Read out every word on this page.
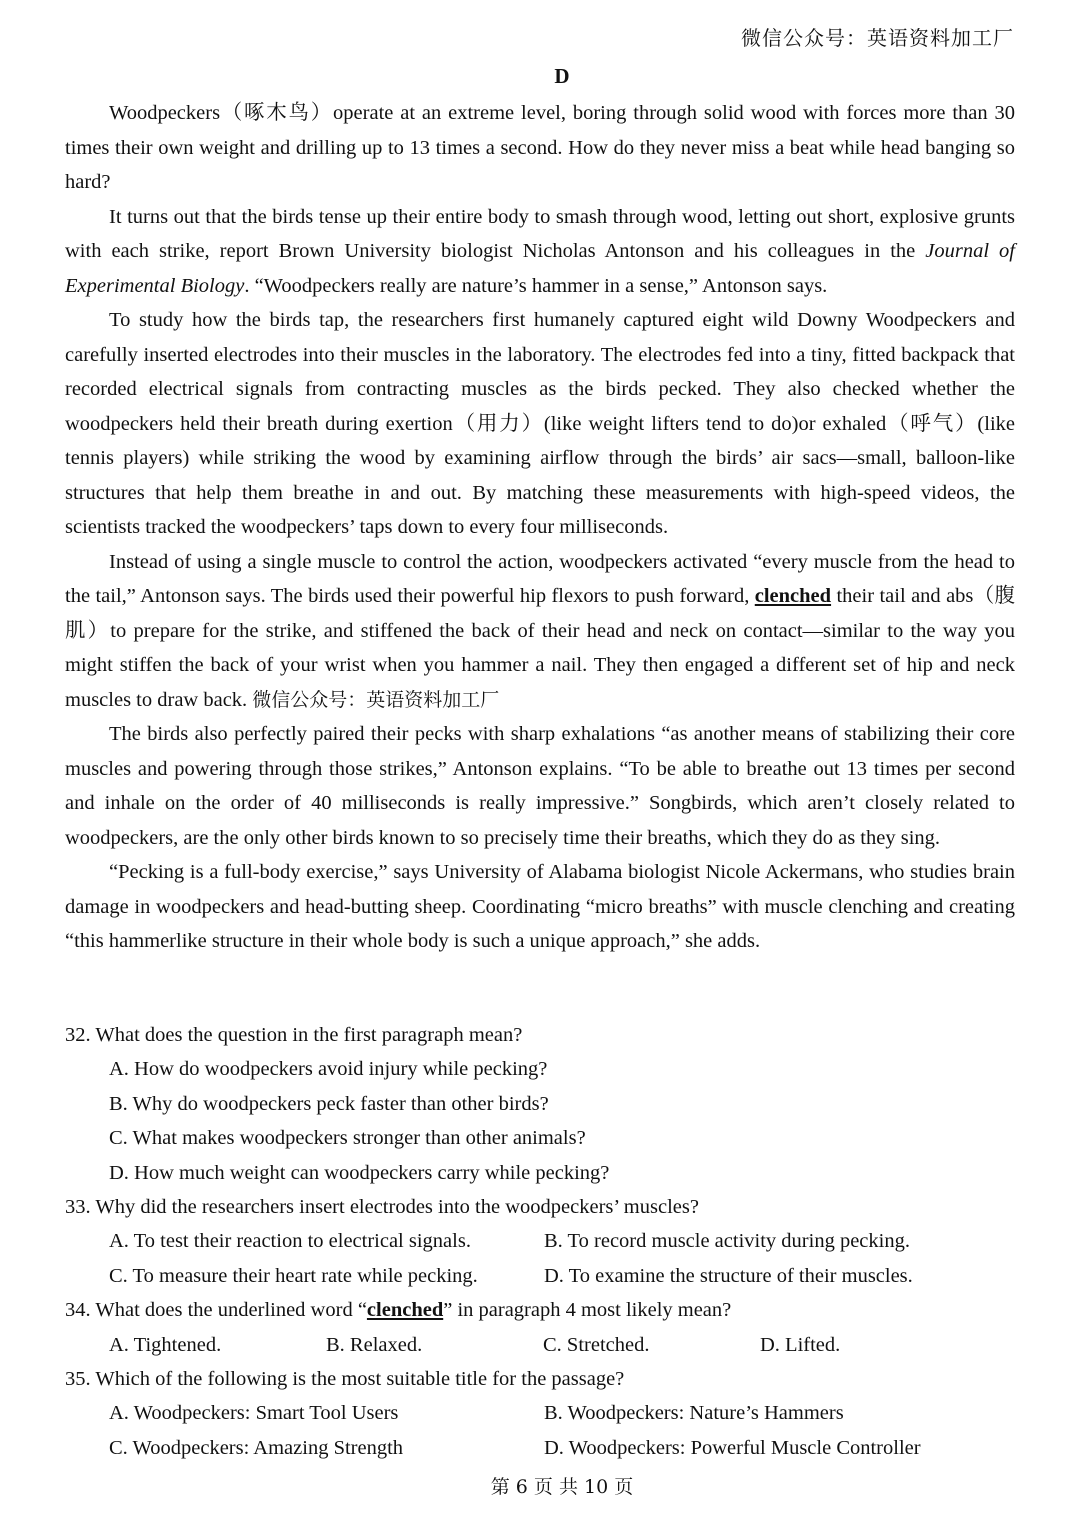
微信公众号：英语资料加工厂
D

Woodpeckers（啄木鸟）operate at an extreme level, boring through solid wood with forces more than 30 times their own weight and drilling up to 13 times a second. How do they never miss a beat while head banging so hard?

It turns out that the birds tense up their entire body to smash through wood, letting out short, explosive grunts with each strike, report Brown University biologist Nicholas Antonson and his colleagues in the Journal of Experimental Biology. “Woodpeckers really are nature’s hammer in a sense,” Antonson says.

To study how the birds tap, the researchers first humanely captured eight wild Downy Woodpeckers and carefully inserted electrodes into their muscles in the laboratory. The electrodes fed into a tiny, fitted backpack that recorded electrical signals from contracting muscles as the birds pecked. They also checked whether the woodpeckers held their breath during exertion（用力）(like weight lifters tend to do)or exhaled（呼气）(like tennis players) while striking the wood by examining airflow through the birds’ air sacs—small, balloon-like structures that help them breathe in and out. By matching these measurements with high-speed videos, the scientists tracked the woodpeckers’ taps down to every four milliseconds.

Instead of using a single muscle to control the action, woodpeckers activated “every muscle from the head to the tail,” Antonson says. The birds used their powerful hip flexors to push forward, clenched their tail and abs（腹肌）to prepare for the strike, and stiffened the back of their head and neck on contact—similar to the way you might stiffen the back of your wrist when you hammer a nail. They then engaged a different set of hip and neck muscles to draw back. 微信公众号：英语资料加工厂

The birds also perfectly paired their pecks with sharp exhalations “as another means of stabilizing their core muscles and powering through those strikes,” Antonson explains. “To be able to breathe out 13 times per second and inhale on the order of 40 milliseconds is really impressive.” Songbirds, which aren’t closely related to woodpeckers, are the only other birds known to so precisely time their breaths, which they do as they sing.

“Pecking is a full-body exercise,” says University of Alabama biologist Nicole Ackermans, who studies brain damage in woodpeckers and head-butting sheep. Coordinating “micro breaths” with muscle clenching and creating “this hammerlike structure in their whole body is such a unique approach,” she adds.

32. What does the question in the first paragraph mean?

A. How do woodpeckers avoid injury while pecking?

B. Why do woodpeckers peck faster than other birds?

C. What makes woodpeckers stronger than other animals?

D. How much weight can woodpeckers carry while pecking?

33. Why did the researchers insert electrodes into the woodpeckers’ muscles?

A. To test their reaction to electrical signals.	B. To record muscle activity during pecking.
C. To measure their heart rate while pecking.	D. To examine the structure of their muscles.

34. What does the underlined word “clenched” in paragraph 4 most likely mean?

A. Tightened.	B. Relaxed.	C. Stretched.	D. Lifted.

35. Which of the following is the most suitable title for the passage?

A. Woodpeckers: Smart Tool Users	B. Woodpeckers: Nature’s Hammers
C. Woodpeckers: Amazing Strength	D. Woodpeckers: Powerful Muscle Controller
第 6 页 共 10 页
